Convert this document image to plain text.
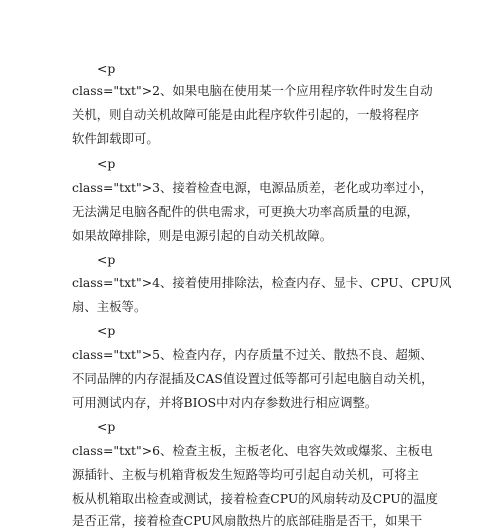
<p
class="txt">2、如果电脑在使用某一个应用程序软件时发生自动
关机，则自动关机故障可能是由此程序软件引起的，一般将程序
软件卸载即可。
<p
class="txt">3、接着检查电源，电源品质差，老化或功率过小，
无法满足电脑各配件的供电需求，可更换大功率高质量的电源，
如果故障排除，则是电源引起的自动关机故障。
<p
class="txt">4、接着使用排除法，检查内存、显卡、CPU、CPU风
扇、主板等。
<p
class="txt">5、检查内存，内存质量不过关、散热不良、超频、
不同品牌的内存混插及CAS值设置过低等都可引起电脑自动关机，
可用测试内存，并将BIOS中对内存参数进行相应调整。
<p
class="txt">6、检查主板，主板老化、电容失效或爆浆、主板电
源插针、主板与机箱背板发生短路等均可引起自动关机，可将主
板从机箱取出检查或测试，接着检查CPU的风扇转动及CPU的温度
是否正常，接着检查CPU风扇散热片的底部硅脂是否干，如果干
